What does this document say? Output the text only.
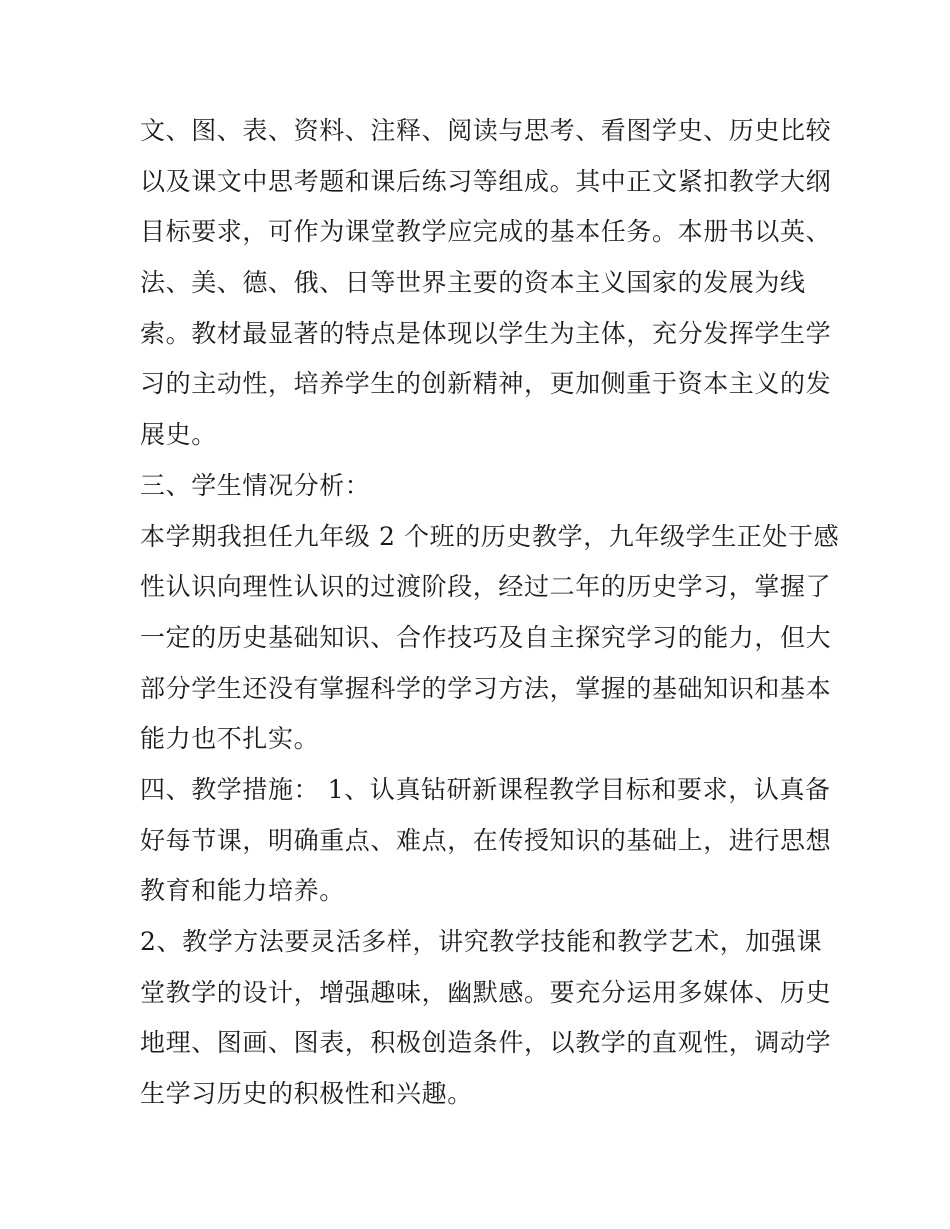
文、图、表、资料、注释、阅读与思考、看图学史、历史比较
以及课文中思考题和课后练习等组成。其中正文紧扣教学大纲
目标要求，可作为课堂教学应完成的基本任务。本册书以英、
法、美、德、俄、日等世界主要的资本主义国家的发展为线
索。教材最显著的特点是体现以学生为主体，充分发挥学生学
习的主动性，培养学生的创新精神，更加侧重于资本主义的发
展史。
三、学生情况分析：
本学期我担任九年级 2 个班的历史教学，九年级学生正处于感
性认识向理性认识的过渡阶段，经过二年的历史学习，掌握了
一定的历史基础知识、合作技巧及自主探究学习的能力，但大
部分学生还没有掌握科学的学习方法，掌握的基础知识和基本
能力也不扎实。
四、教学措施： 1、认真钻研新课程教学目标和要求，认真备
好每节课，明确重点、难点，在传授知识的基础上，进行思想
教育和能力培养。
2、教学方法要灵活多样，讲究教学技能和教学艺术，加强课
堂教学的设计，增强趣味，幽默感。要充分运用多媒体、历史
地理、图画、图表，积极创造条件，以教学的直观性，调动学
生学习历史的积极性和兴趣。
